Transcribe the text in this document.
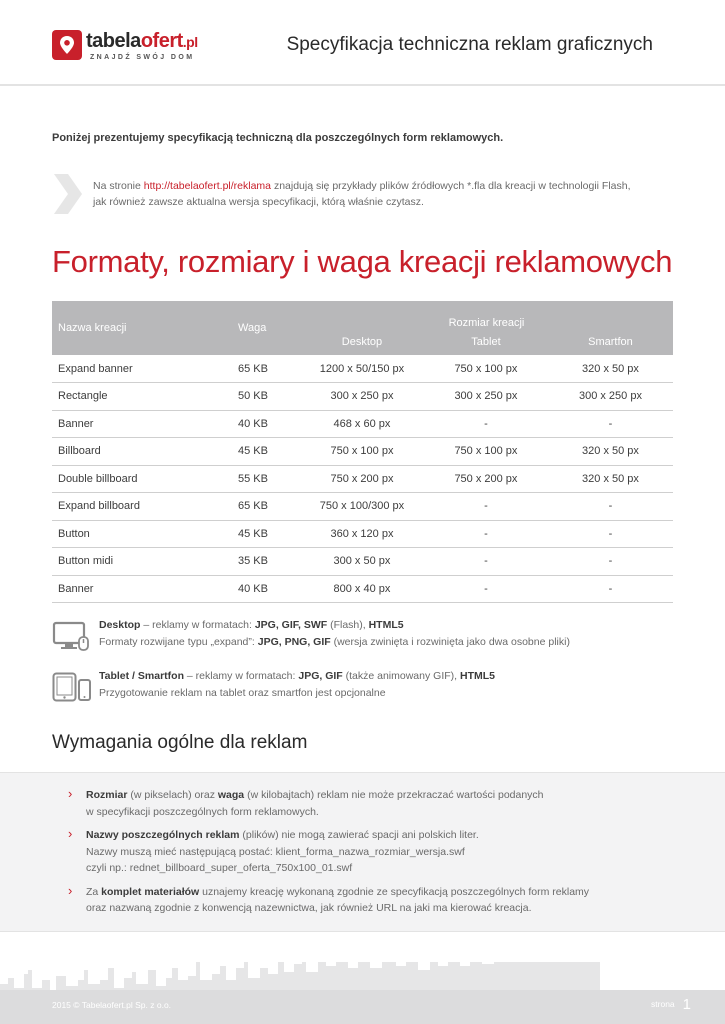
tabelaofert.pl
ZNAJDŹ SWÓJ DOM
Specyfikacja techniczna reklam graficznych
Poniżej prezentujemy specyfikacją techniczną dla poszczególnych form reklamowych.
Na stronie http://tabelaofert.pl/reklama znajdują się przykłady plików źródłowych *.fla dla kreacji w technologii Flash,
jak również zawsze aktualna wersja specyfikacji, którą właśnie czytasz.
Formaty, rozmiary i waga kreacji reklamowych
Nazwa kreacji	Waga	Rozmiar kreacji		
		Desktop	Tablet	Smartfon
Expand banner	65 KB	1200 x 50/150 px	750 x 100 px	320 x 50 px
Rectangle	50 KB	300 x 250 px	300 x 250 px	300 x 250 px
Banner	40 KB	468 x 60 px	-	-
Billboard	45 KB	750 x 100 px	750 x 100 px	320 x 50 px
Double billboard	55 KB	750 x 200 px	750 x 200 px	320 x 50 px
Expand billboard	65 KB	750 x 100/300 px	-	-
Button	45 KB	360 x 120 px	-	-
Button midi	35 KB	300 x 50 px	-	-
Banner	40 KB	800 x 40 px	-	-
Desktop – reklamy w formatach: JPG, GIF, SWF (Flash), HTML5
Formaty rozwijane typu „expand”: JPG, PNG, GIF (wersja zwinięta i rozwinięta jako dwa osobne pliki)
Tablet / Smartfon – reklamy w formatach: JPG, GIF (także animowany GIF), HTML5
Przygotowanie reklam na tablet oraz smartfon jest opcjonalne
Wymagania ogólne dla reklam
› Rozmiar (w pikselach) oraz waga (w kilobajtach) reklam nie może przekraczać wartości podanych
w specyfikacji poszczególnych form reklamowych.
› Nazwy poszczególnych reklam (plików) nie mogą zawierać spacji ani polskich liter.
Nazwy muszą mieć następującą postać: klient_forma_nazwa_rozmiar_wersja.swf
czyli np.: rednet_billboard_super_oferta_750x100_01.swf
› Za komplet materiałów uznajemy kreację wykonaną zgodnie ze specyfikacją poszczególnych form reklamy
oraz nazwaną zgodnie z konwencją nazewnictwa, jak również URL na jaki ma kierować kreacja.
2015 © Tabelaofert.pl Sp. z o.o.	strona 1
